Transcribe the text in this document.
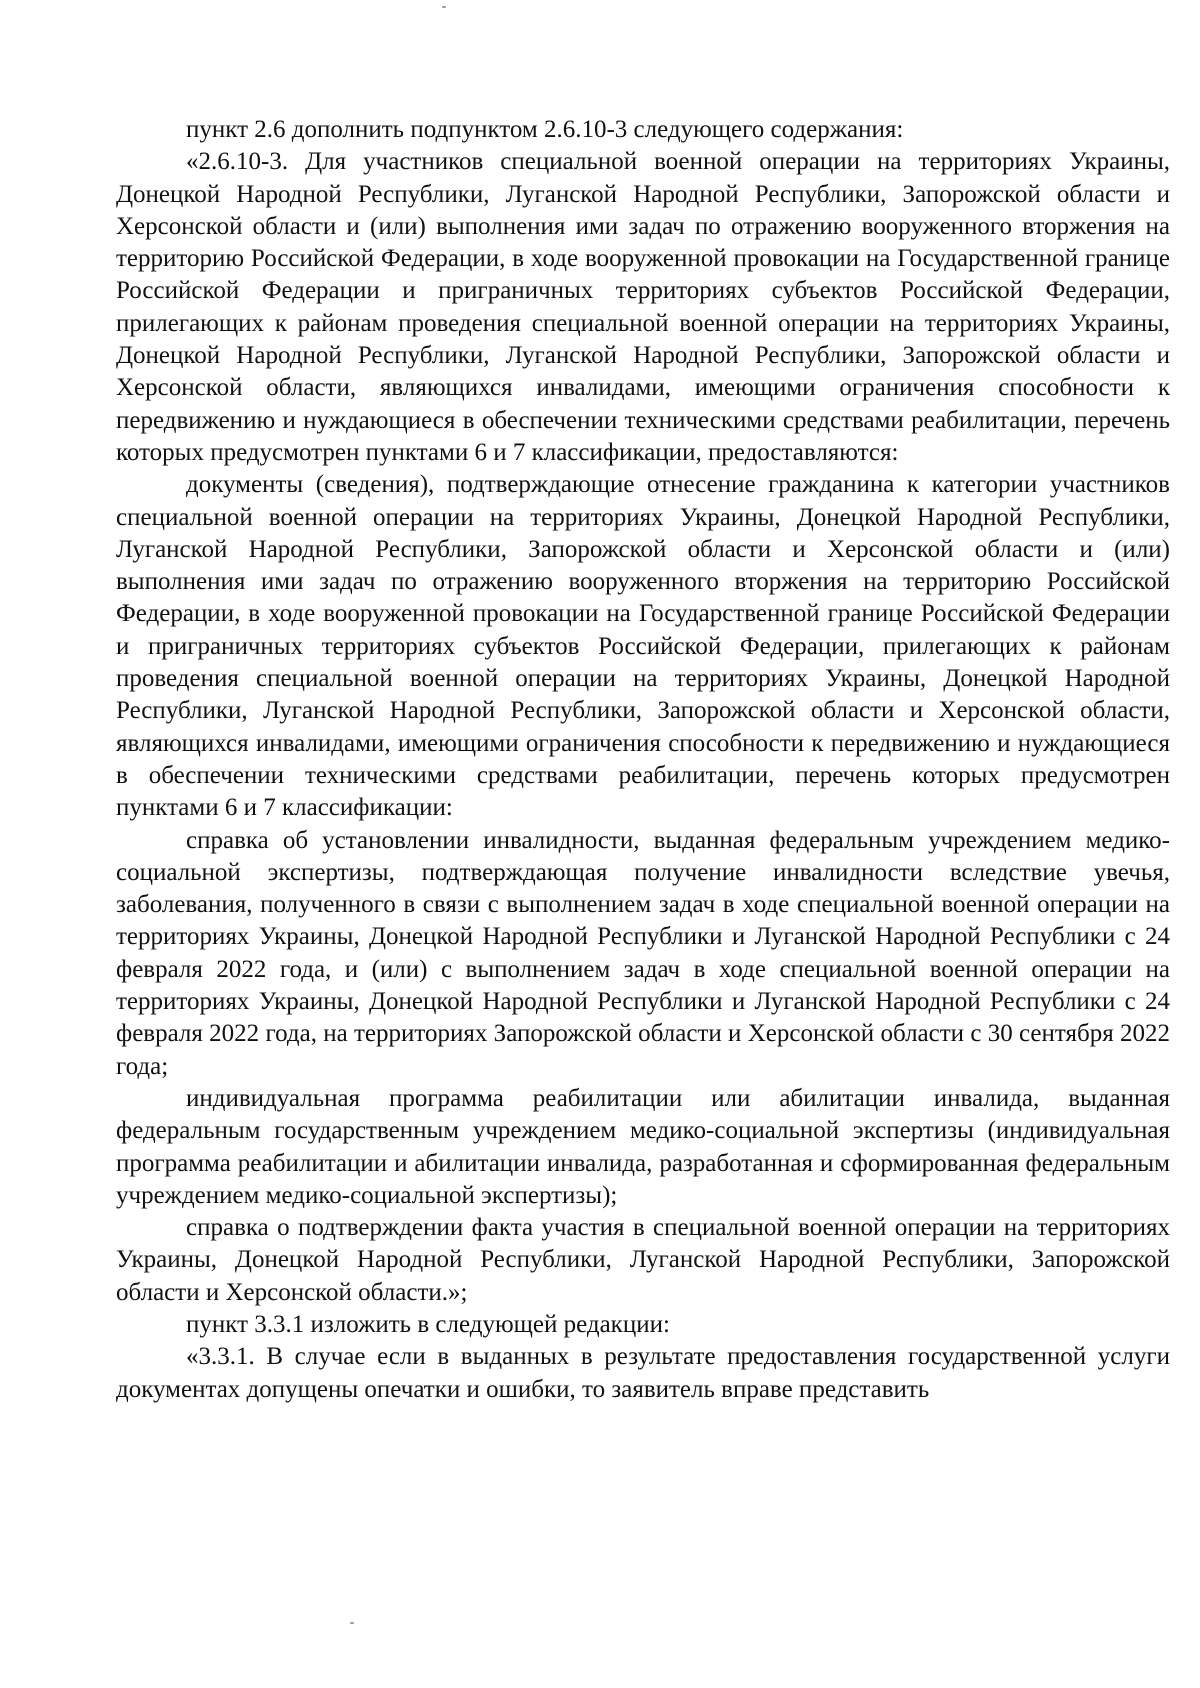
пункт 2.6 дополнить подпунктом 2.6.10-3 следующего содержания:

«2.6.10-3. Для участников специальной военной операции на территориях Украины, Донецкой Народной Республики, Луганской Народной Республики, Запорожской области и Херсонской области и (или) выполнения ими задач по отражению вооруженного вторжения на территорию Российской Федерации, в ходе вооруженной провокации на Государственной границе Российской Федерации и приграничных территориях субъектов Российской Федерации, прилегающих к районам проведения специальной военной операции на территориях Украины, Донецкой Народной Республики, Луганской Народной Республики, Запорожской области и Херсонской области, являющихся инвалидами, имеющими ограничения способности к передвижению и нуждающиеся в обеспечении техническими средствами реабилитации, перечень которых предусмотрен пунктами 6 и 7 классификации, предоставляются:

документы (сведения), подтверждающие отнесение гражданина к категории участников специальной военной операции на территориях Украины, Донецкой Народной Республики, Луганской Народной Республики, Запорожской области и Херсонской области и (или) выполнения ими задач по отражению вооруженного вторжения на территорию Российской Федерации, в ходе вооруженной провокации на Государственной границе Российской Федерации и приграничных территориях субъектов Российской Федерации, прилегающих к районам проведения специальной военной операции на территориях Украины, Донецкой Народной Республики, Луганской Народной Республики, Запорожской области и Херсонской области, являющихся инвалидами, имеющими ограничения способности к передвижению и нуждающиеся в обеспечении техническими средствами реабилитации, перечень которых предусмотрен пунктами 6 и 7 классификации:

справка об установлении инвалидности, выданная федеральным учреждением медико-социальной экспертизы, подтверждающая получение инвалидности вследствие увечья, заболевания, полученного в связи с выполнением задач в ходе специальной военной операции на территориях Украины, Донецкой Народной Республики и Луганской Народной Республики с 24 февраля 2022 года, и (или) с выполнением задач в ходе специальной военной операции на территориях Украины, Донецкой Народной Республики и Луганской Народной Республики с 24 февраля 2022 года, на территориях Запорожской области и Херсонской области с 30 сентября 2022 года;

индивидуальная программа реабилитации или абилитации инвалида, выданная федеральным государственным учреждением медико-социальной экспертизы (индивидуальная программа реабилитации и абилитации инвалида, разработанная и сформированная федеральным учреждением медико-социальной экспертизы);

справка о подтверждении факта участия в специальной военной операции на территориях Украины, Донецкой Народной Республики, Луганской Народной Республики, Запорожской области и Херсонской области.»;

пункт 3.3.1 изложить в следующей редакции:

«3.3.1. В случае если в выданных в результате предоставления государственной услуги документах допущены опечатки и ошибки, то заявитель вправе представить
